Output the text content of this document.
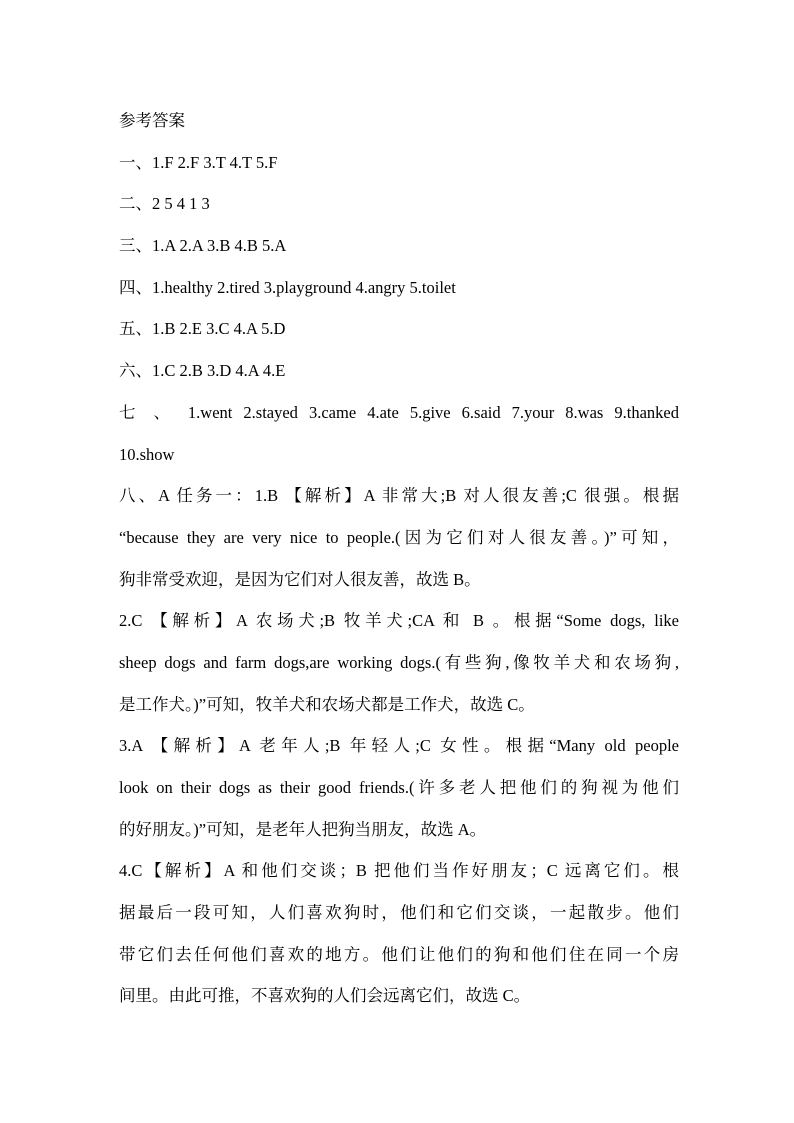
参考答案
一、1.F 2.F 3.T 4.T 5.F
二、2 5 4 1 3
三、1.A 2.A 3.B 4.B 5.A
四、1.healthy 2.tired 3.playground 4.angry 5.toilet
五、1.B 2.E 3.C 4.A 5.D
六、1.C 2.B 3.D 4.A 4.E
七 、 1.went 2.stayed 3.came 4.ate 5.give 6.said 7.your 8.was 9.thanked
10.show
八、A 任务一：1.B 【解析】A 非常大;B 对人很友善;C 很强。根据
“because they are very nice to people.(因为它们对人很友善。)”可知，
狗非常受欢迎，是因为它们对人很友善，故选 B。
2.C 【解析】A 农场犬;B 牧羊犬;CA 和 B 。根据“Some dogs, like
sheep dogs and farm dogs,are working dogs.(有些狗,像牧羊犬和农场狗,
是工作犬。)”可知，牧羊犬和农场犬都是工作犬，故选 C。
3.A 【解析】A 老年人;B 年轻人;C 女性。根据“Many old people
look on their dogs as their good friends.(许多老人把他们的狗视为他们
的好朋友。)”可知，是老年人把狗当朋友，故选 A。
4.C【解析】A 和他们交谈；B 把他们当作好朋友；C 远离它们。根
据最后一段可知，人们喜欢狗时，他们和它们交谈，一起散步。他们
带它们去任何他们喜欢的地方。他们让他们的狗和他们住在同一个房
间里。由此可推，不喜欢狗的人们会远离它们，故选 C。
